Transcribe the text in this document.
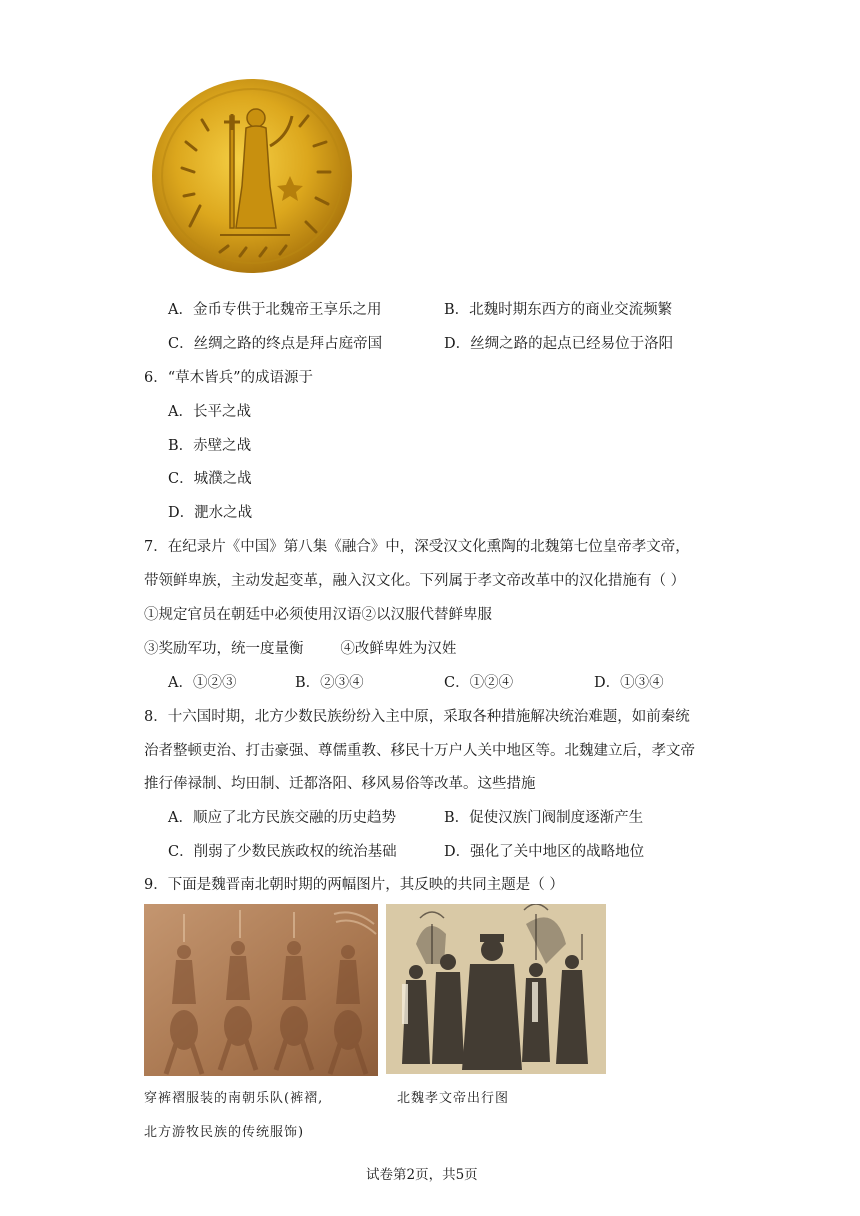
A．金币专供于北魏帝王享乐之用	B．北魏时期东西方的商业交流频繁
C．丝绸之路的终点是拜占庭帝国	D．丝绸之路的起点已经易位于洛阳
6．“草木皆兵”的成语源于
A．长平之战
B．赤壁之战
C．城濮之战
D．淝水之战
7．在纪录片《中国》第八集《融合》中，深受汉文化熏陶的北魏第七位皇帝孝文帝，
带领鲜卑族，主动发起变革，融入汉文化。下列属于孝文帝改革中的汉化措施有（ ）
①规定官员在朝廷中必须使用汉语②以汉服代替鲜卑服
③奖励军功，统一度量衡        ④改鲜卑姓为汉姓
A．①②③	B．②③④	C．①②④	D．①③④
8．十六国时期，北方少数民族纷纷入主中原，采取各种措施解决统治难题，如前秦统
治者整顿吏治、打击豪强、尊儒重教、移民十万户人关中地区等。北魏建立后，孝文帝
推行俸禄制、均田制、迁都洛阳、移风易俗等改革。这些措施
A．顺应了北方民族交融的历史趋势	B．促使汉族门阀制度逐渐产生
C．削弱了少数民族政权的统治基础	D．强化了关中地区的战略地位
9．下面是魏晋南北朝时期的两幅图片，其反映的共同主题是（ ）
穿裤褶服装的南朝乐队(裤褶,
北方游牧民族的传统服饰)
北魏孝文帝出行图
试卷第2页，共5页
